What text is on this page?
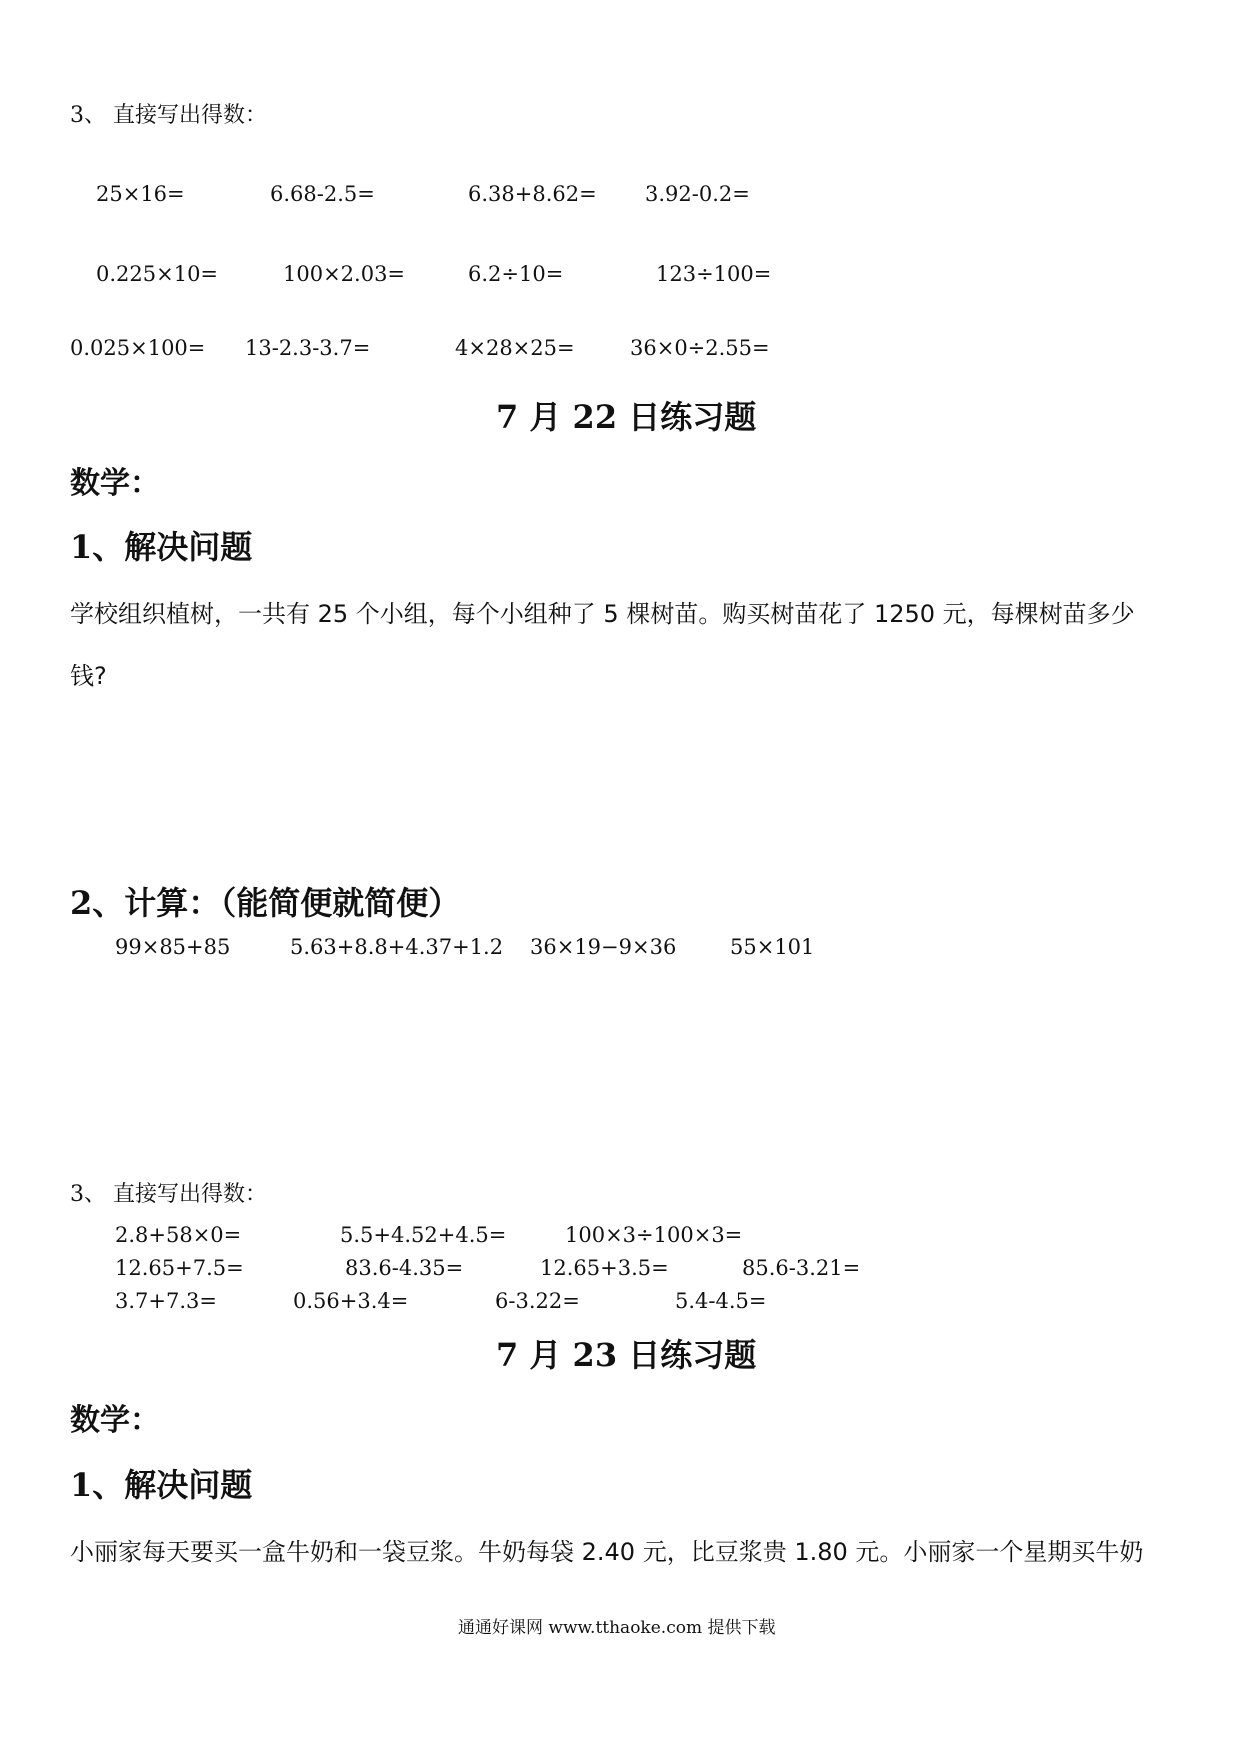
3、 直接写出得数：
25×16=	6.68-2.5=	6.38+8.62= 3.92-0.2=
0.225×10=	100×2.03=	6.2÷10=	123÷100=
0.025×100= 13-2.3-3.7=	4×28×25=	36×0÷2.55=
7 月 22 日练习题
数学：
1、解决问题
学校组织植树，一共有 25 个小组，每个小组种了 5 棵树苗。购买树苗花了 1250 元，每棵树苗多少
钱?
2、计算：（能简便就简便）
99×85+85	5.63+8.8+4.37+1.2 36×19−9×36	55×101
3、 直接写出得数：
2.8+58×0=	5.5+4.52+4.5=	100×3÷100×3=
12.65+7.5=	83.6-4.35=	12.65+3.5=	85.6-3.21=
3.7+7.3=	0.56+3.4=	6-3.22=	5.4-4.5=
7 月 23 日练习题
数学：
1、解决问题
小丽家每天要买一盒牛奶和一袋豆浆。牛奶每袋 2.40 元，比豆浆贵 1.80 元。小丽家一个星期买牛奶
通通好课网 www.tthaoke.com 提供下载
